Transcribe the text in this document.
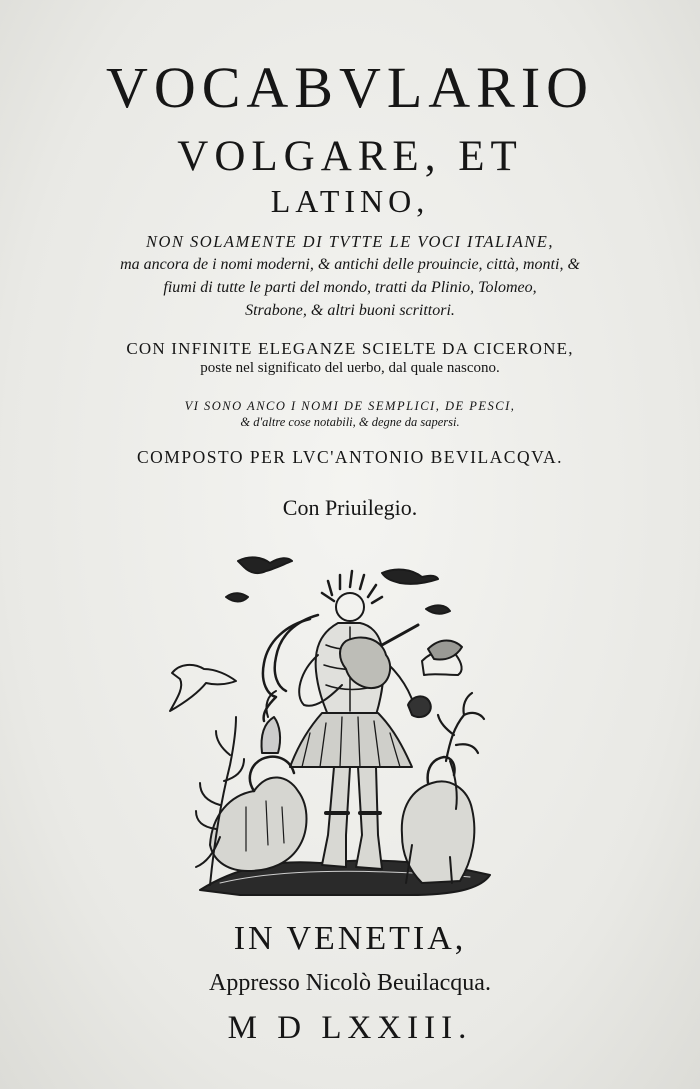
VOCABVLARIO
VOLGARE, ET
LATINO,
NON SOLAMENTE DI TVTTE LE VOCI ITALIANE,
ma ancora de i nomi moderni, & antichi delle prouincie, città, monti, &
fiumi di tutte le parti del mondo, tratti da Plinio, Tolomeo,
Strabone, & altri buoni scrittori.
CON INFINITE ELEGANZE SCIELTE DA CICERONE,
poste nel significato del uerbo, dal quale nascono.
VI SONO ANCO I NOMI DE SEMPLICI, DE PESCI,
& d'altre cose notabili, & degne da sapersi.
COMPOSTO PER LVC'ANTONIO BEVILACQVA.
Con Priuilegio.
IN VENETIA,
Appresso Nicolò Beuilacqua.
M D LXXIII.
